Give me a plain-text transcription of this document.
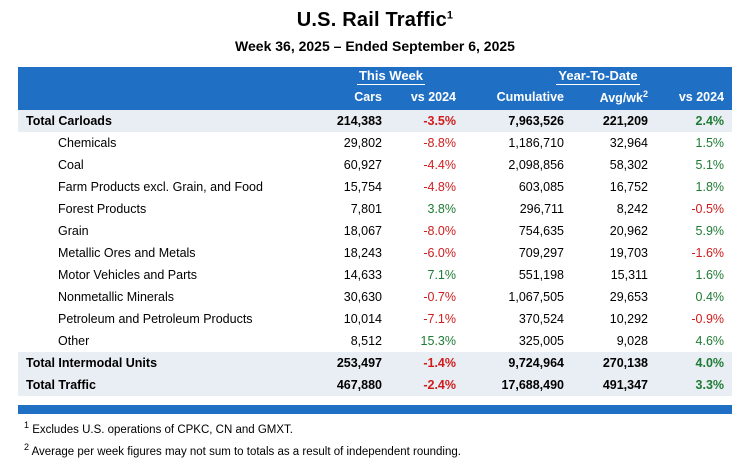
U.S. Rail Traffic$^1$
Week 36, 2025 – Ended September 6, 2025
	This Week		Year-To-Date		
	Cars	vs 2024	Cumulative	Avg/$wk^2$	vs 2024
Total Carloads	214,383	-3.5%	7,963,526	221,209	2.4%
Chemicals	29,802	-8.8%	1,186,710	32,964	1.5%
Coal	60,927	-4.4%	2,098,856	58,302	5.1%
Farm Products excl. Grain, and Food	15,754	-4.8%	603,085	16,752	1.8%
Forest Products	7,801	3.8%	296,711	8,242	-0.5%
Grain	18,067	-8.0%	754,635	20,962	5.9%
Metallic Ores and Metals	18,243	-6.0%	709,297	19,703	-1.6%
Motor Vehicles and Parts	14,633	7.1%	551,198	15,311	1.6%
Nonmetallic Minerals	30,630	-0.7%	1,067,505	29,653	0.4%
Petroleum and Petroleum Products	10,014	-7.1%	370,524	10,292	-0.9%
Other	8,512	15.3%	325,005	9,028	4.6%
Total Intermodal Units	253,497	-1.4%	9,724,964	270,138	4.0%
Total Traffic	467,880	-2.4%	17,688,490	491,347	3.3%
$^1$ Excludes U.S. operations of CPKC, CN and GMXT.
$^2$ Average per week figures may not sum to totals as a result of independent rounding.
